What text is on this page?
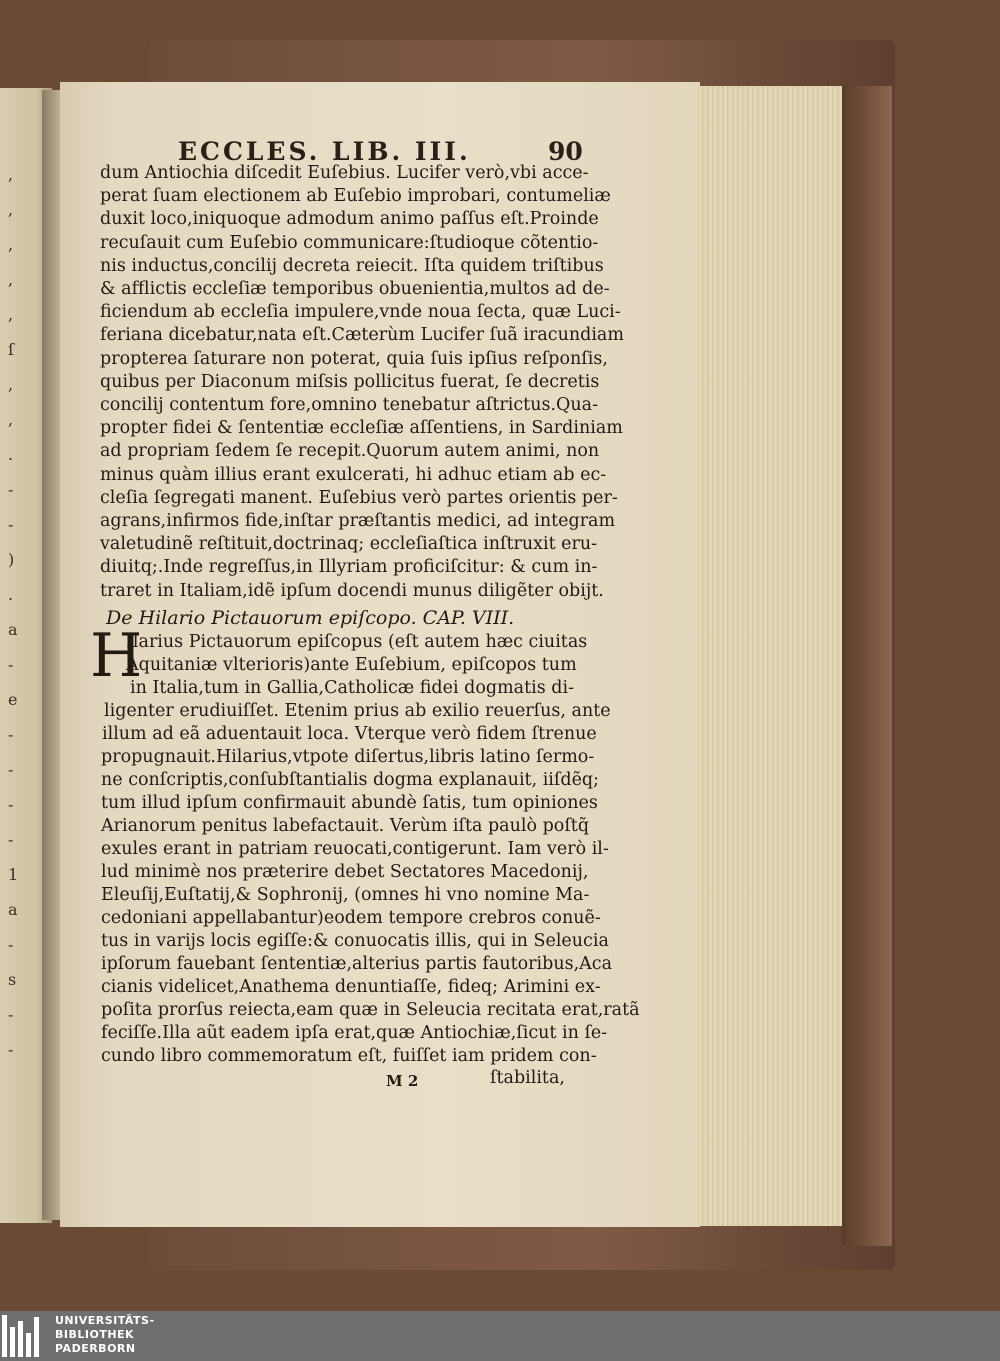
,
,
,
,
,
ſ
,
,
.
-
-
)
.
a
-
e
-
-
-
-
1
a
-
s
-
-
ECCLES. LIB. III.	90
dum Antiochia diſcedit Euſebius. Lucifer verò,vbi acce-
perat ſuam electionem ab Euſebio improbari, contumeliæ
duxit loco,iniquoque admodum animo paſſus eſt.Proinde
recuſauit cum Euſebio communicare:ſtudioque cõtentio-
nis inductus,concilij decreta reiecit. Iſta quidem triſtibus
& afflictis eccleſiæ temporibus obuenientia,multos ad de-
ficiendum ab eccleſia impulere,vnde noua ſecta, quæ Luci-
feriana dicebatur,nata eſt.Cæterùm Lucifer ſuã iracundiam
propterea ſaturare non poterat, quia ſuis ipſius reſponſis,
quibus per Diaconum miſsis pollicitus fuerat, ſe decretis
concilij contentum fore,omnino tenebatur aſtrictus.Qua-
propter fidei & ſententiæ eccleſiæ aſſentiens, in Sardiniam
ad propriam ſedem ſe recepit.Quorum autem animi, non
minus quàm illius erant exulcerati, hi adhuc etiam ab ec-
cleſia ſegregati manent. Euſebius verò partes orientis per-
agrans,infirmos fide,inſtar præſtantis medici, ad integram
valetudinẽ reſtituit,doctrinaq; eccleſiaſtica inſtruxit eru-
diuitq;.Inde regreſſus,in Illyriam proficiſcitur: & cum in-
traret in Italiam,idẽ ipſum docendi munus diligẽter obijt.
De Hilario Pictauorum epiſcopo. CAP. VIII.
H
Ilarius Pictauorum epiſcopus (eſt autem hæc ciuitas
Aquitaniæ vlterioris)ante Euſebium, epiſcopos tum
in Italia,tum in Gallia,Catholicæ fidei dogmatis di-
ligenter erudiuiſſet. Etenim prius ab exilio reuerſus, ante
illum ad eã aduentauit loca. Vterque verò fidem ſtrenue
propugnauit.Hilarius,vtpote diſertus,libris latino ſermo-
ne conſcriptis,conſubſtantialis dogma explanauit, iiſdẽq;
tum illud ipſum confirmauit abundè ſatis, tum opiniones
Arianorum penitus labefactauit. Verùm iſta paulò poſtq̃
exules erant in patriam reuocati,contigerunt. Iam verò il-
lud minimè nos præterire debet Sectatores Macedonij,
Eleuſij,Euſtatij,& Sophronij, (omnes hi vno nomine Ma-
cedoniani appellabantur)eodem tempore crebros conuẽ-
tus in varijs locis egiſſe:& conuocatis illis, qui in Seleucia
ipſorum fauebant ſententiæ,alterius partis fautoribus,Aca
cianis videlicet,Anathema denuntiaſſe, fideq; Arimini ex-
poſita prorſus reiecta,eam quæ in Seleucia recitata erat,ratã
feciſſe.Illa aũt eadem ipſa erat,quæ Antiochiæ,ſicut in ſe-
cundo libro commemoratum eſt, fuiſſet iam pridem con-
M 2	ſtabilita,
UNIVERSITÄTS-
BIBLIOTHEK
PADERBORN
